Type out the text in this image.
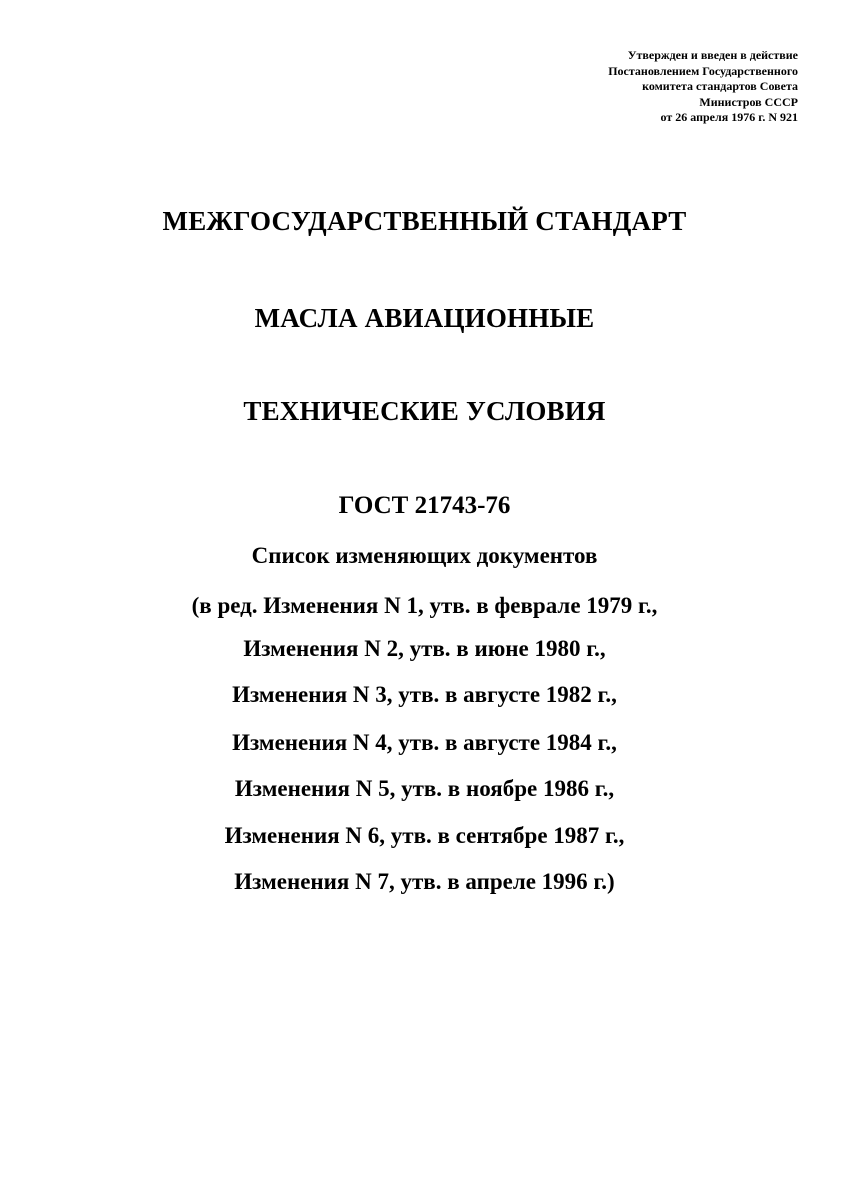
Утвержден и введен в действие
Постановлением Государственного
комитета стандартов Совета
Министров СССР
от 26 апреля 1976 г. N 921
МЕЖГОСУДАРСТВЕННЫЙ СТАНДАРТ
МАСЛА АВИАЦИОННЫЕ
ТЕХНИЧЕСКИЕ УСЛОВИЯ
ГОСТ 21743-76
Список изменяющих документов
(в ред. Изменения N 1, утв. в феврале 1979 г.,
Изменения N 2, утв. в июне 1980 г.,
Изменения N 3, утв. в августе 1982 г.,
Изменения N 4, утв. в августе 1984 г.,
Изменения N 5, утв. в ноябре 1986 г.,
Изменения N 6, утв. в сентябре 1987 г.,
Изменения N 7, утв. в апреле 1996 г.)
